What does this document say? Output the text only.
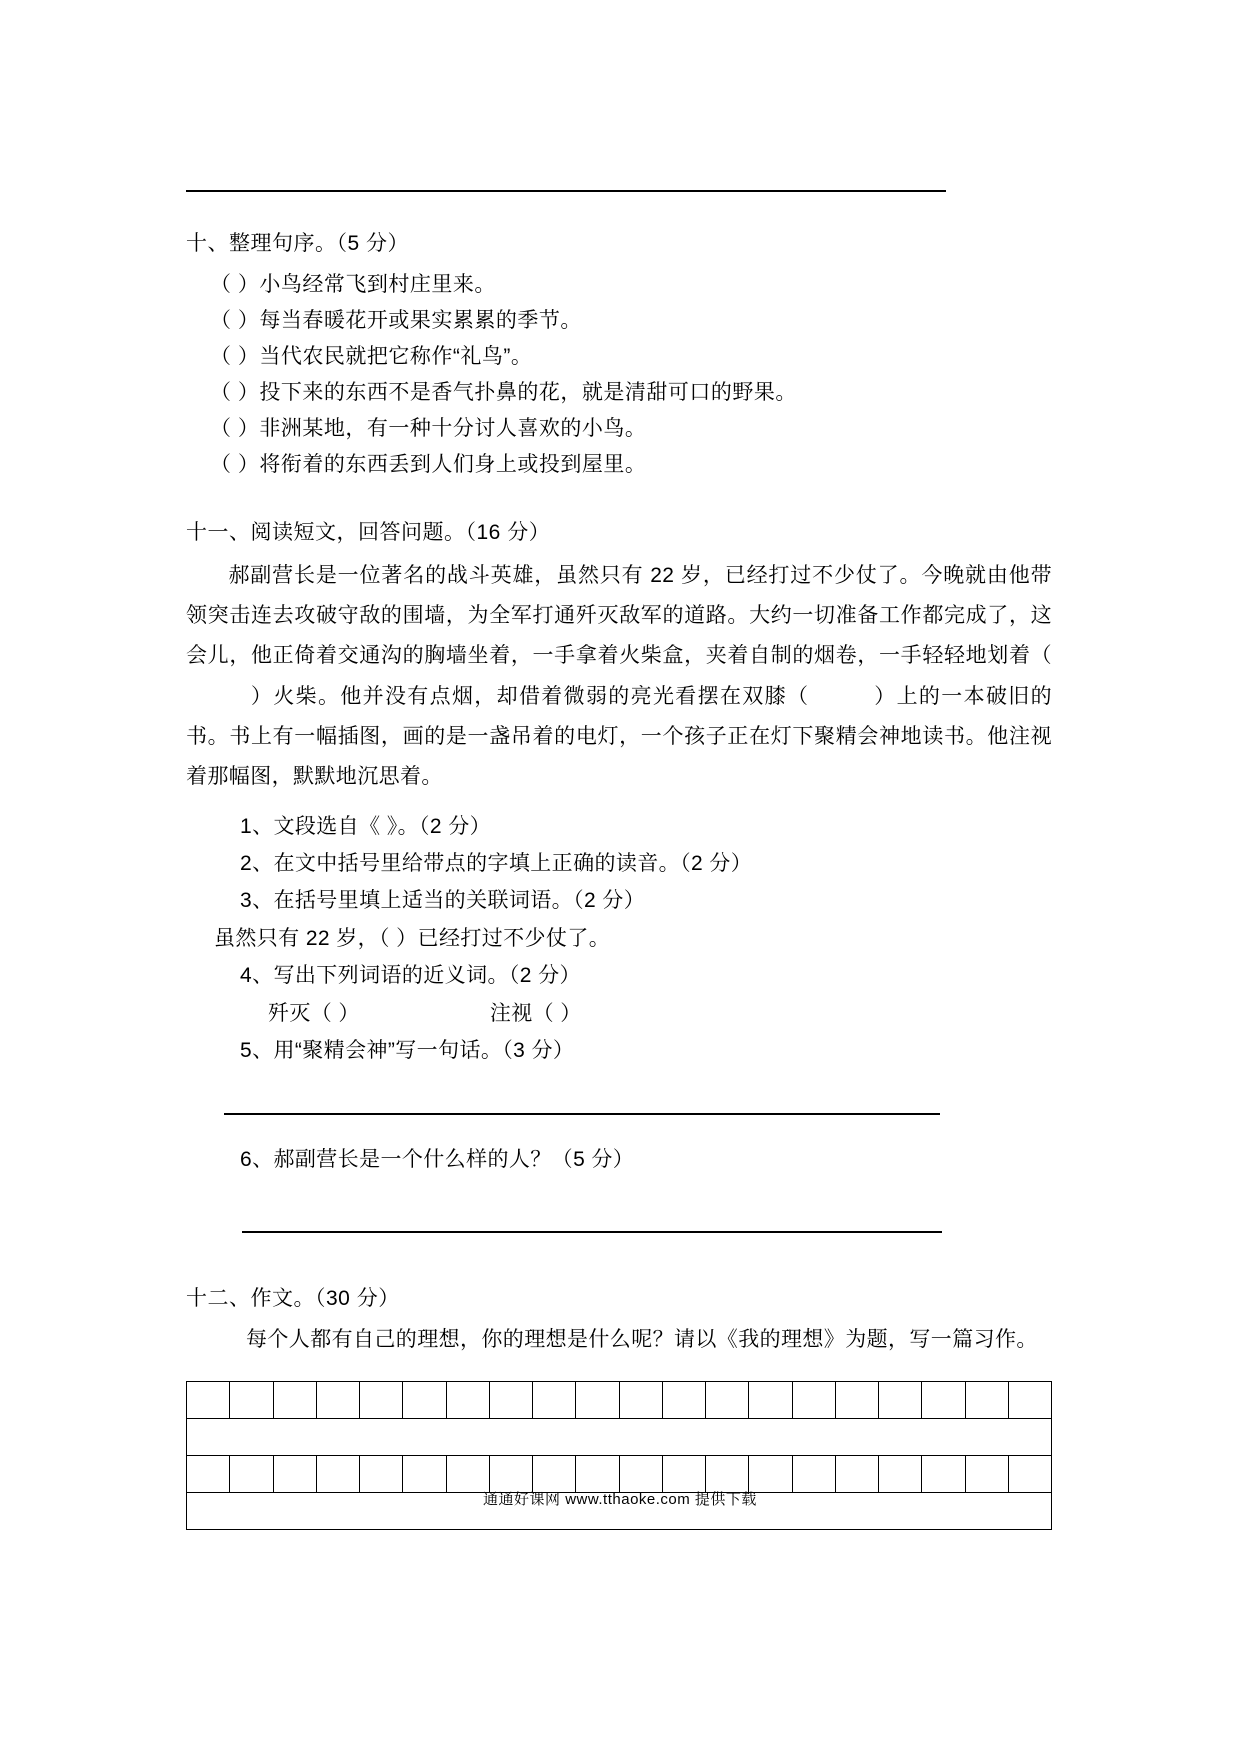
十、整理句序。（5 分）

（ ）小鸟经常飞到村庄里来。
（ ）每当春暖花开或果实累累的季节。
（ ）当代农民就把它称作“礼鸟”。
（ ）投下来的东西不是香气扑鼻的花，就是清甜可口的野果。
（ ）非洲某地，有一种十分讨人喜欢的小鸟。
（ ）将衔着的东西丢到人们身上或投到屋里。

十一、阅读短文，回答问题。（16 分）

郝副营长是一位著名的战斗英雄，虽然只有 22 岁，已经打过不少仗了。今晚就由他带领突击连去攻破守敌的围墙，为全军打通歼灭敌军的道路。大约一切准备工作都完成了，这会儿，他正倚着交通沟的胸墙坐着，一手拿着火柴盒，夹着自制的烟卷，一手轻轻地划着（）火柴。他并没有点烟，却借着微弱的亮光看摆在双膝（	）上的一本破旧的书。书上有一幅插图，画的是一盏吊着的电灯，一个孩子正在灯下聚精会神地读书。他注视着那幅图，默默地沉思着。

1、文段选自《 》。（2 分）
2、在文中括号里给带点的字填上正确的读音。（2 分）
3、在括号里填上适当的关联词语。（2 分）
虽然只有 22 岁，（ ）已经打过不少仗了。
4、写出下列词语的近义词。（2 分）
歼灭（ ）	注视（ ）
5、用“聚精会神”写一句话。（3 分）

6、郝副营长是一个什么样的人？（5 分）

十二、作文。（30 分）

每个人都有自己的理想，你的理想是什么呢？请以《我的理想》为题，写一篇习作。

通通好课网 www.tthaoke.com 提供下载
